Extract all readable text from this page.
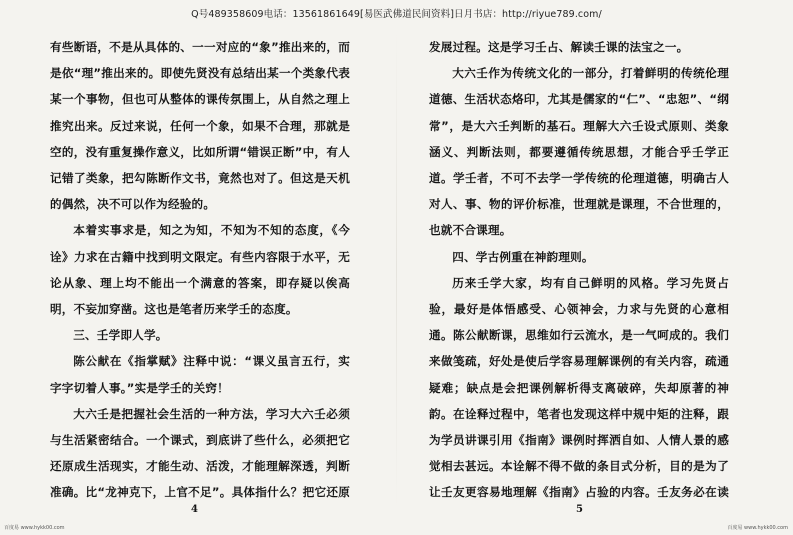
Q号489358609电话：13561861649[易医武佛道民间资料]日月书店：http://riyue789.com/

有些断语，不是从具体的、一一对应的“象”推出来的，而是依“理”推出来的。即使先贤没有总结出某一个类象代表某一个事物，但也可从整体的课传氛围上，从自然之理上推究出来。反过来说，任何一个象，如果不合理，那就是空的，没有重复操作意义，比如所谓“错误正断”中，有人记错了类象，把勾陈断作文书，竟然也对了。但这是天机的偶然，决不可以作为经验的。

本着实事求是，知之为知，不知为不知的态度，《今诠》力求在古籍中找到明文限定。有些内容限于水平，无论从象、理上均不能出一个满意的答案，即存疑以俟高明，不妄加穿凿。这也是笔者历来学壬的态度。

三、壬学即人学。

陈公献在《指掌赋》注释中说：“课义虽言五行，实字字切着人事。”实是学壬的关窍！

大六壬是把握社会生活的一种方法，学习大六壬必须与生活紧密结合。一个课式，到底讲了些什么，必须把它还原成生活现实，才能生动、活泼，才能理解深透，判断准确。比“龙神克下，上官不足”。具体指什么？把它还原

发展过程。这是学习壬占、解读壬课的法宝之一。

大六壬作为传统文化的一部分，打着鲜明的传统伦理道德、生活状态烙印，尤其是儒家的“仁”、“忠恕”、“纲常”，是大六壬判断的基石。理解大六壬设式原则、类象涵义、判断法则，都要遵循传统思想，才能合乎壬学正道。学壬者，不可不去学一学传统的伦理道德，明确古人对人、事、物的评价标准，世理就是课理，不合世理的，也就不合课理。

四、学古例重在神韵理则。

历来壬学大家，均有自己鲜明的风格。学习先贤占验，最好是体悟感受、心领神会，力求与先贤的心意相通。陈公献断课，思维如行云流水，是一气呵成的。我们来做笺疏，好处是使后学容易理解课例的有关内容，疏通疑难；缺点是会把课例解析得支离破碎，失却原著的神韵。在诠释过程中，笔者也发现这样中规中矩的注释，跟为学员讲课引用《指南》课例时挥洒自如、人情人景的感觉相去甚远。本诠解不得不做的条目式分析，目的是为了让壬友更容易地理解《指南》占验的内容。壬友务必在读

4	5
百度易 www.hykk00.com	百度易 www.hykk00.com
